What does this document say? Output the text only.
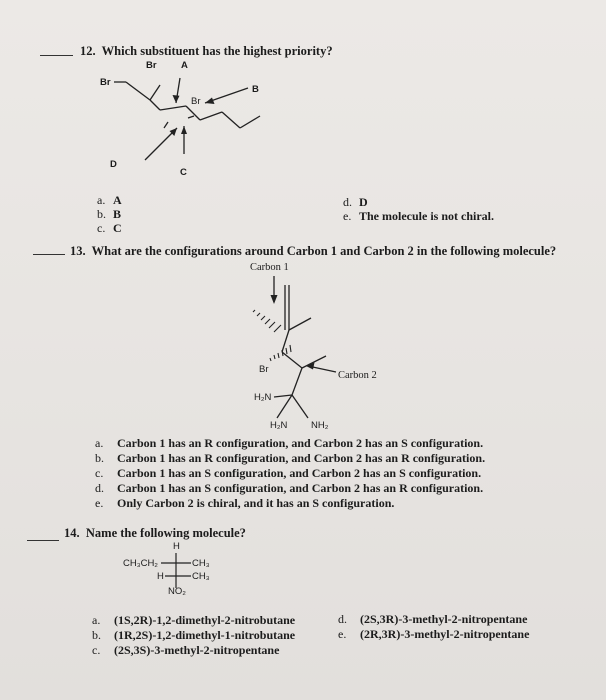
12. Which substituent has the highest priority?
Br	A
Br
B
Br
D
C
a. A
b. B
c. C
d. D
e. The molecule is not chiral.
13. What are the configurations around Carbon 1 and Carbon 2 in the following molecule?
Carbon 1
Br
Carbon 2
H₂N
H₂N NH₂
a. Carbon 1 has an R configuration, and Carbon 2 has an S configuration.
b. Carbon 1 has an R configuration, and Carbon 2 has an R configuration.
c. Carbon 1 has an S configuration, and Carbon 2 has an S configuration.
d. Carbon 1 has an S configuration, and Carbon 2 has an R configuration.
e. Only Carbon 2 is chiral, and it has an S configuration.
14. Name the following molecule?
H
CH₃CH₂	CH₃
H	CH₃
NO₂
a. (1S,2R)-1,2-dimethyl-2-nitrobutane
b. (1R,2S)-1,2-dimethyl-1-nitrobutane
c. (2S,3S)-3-methyl-2-nitropentane
d. (2S,3R)-3-methyl-2-nitropentane
e. (2R,3R)-3-methyl-2-nitropentane
